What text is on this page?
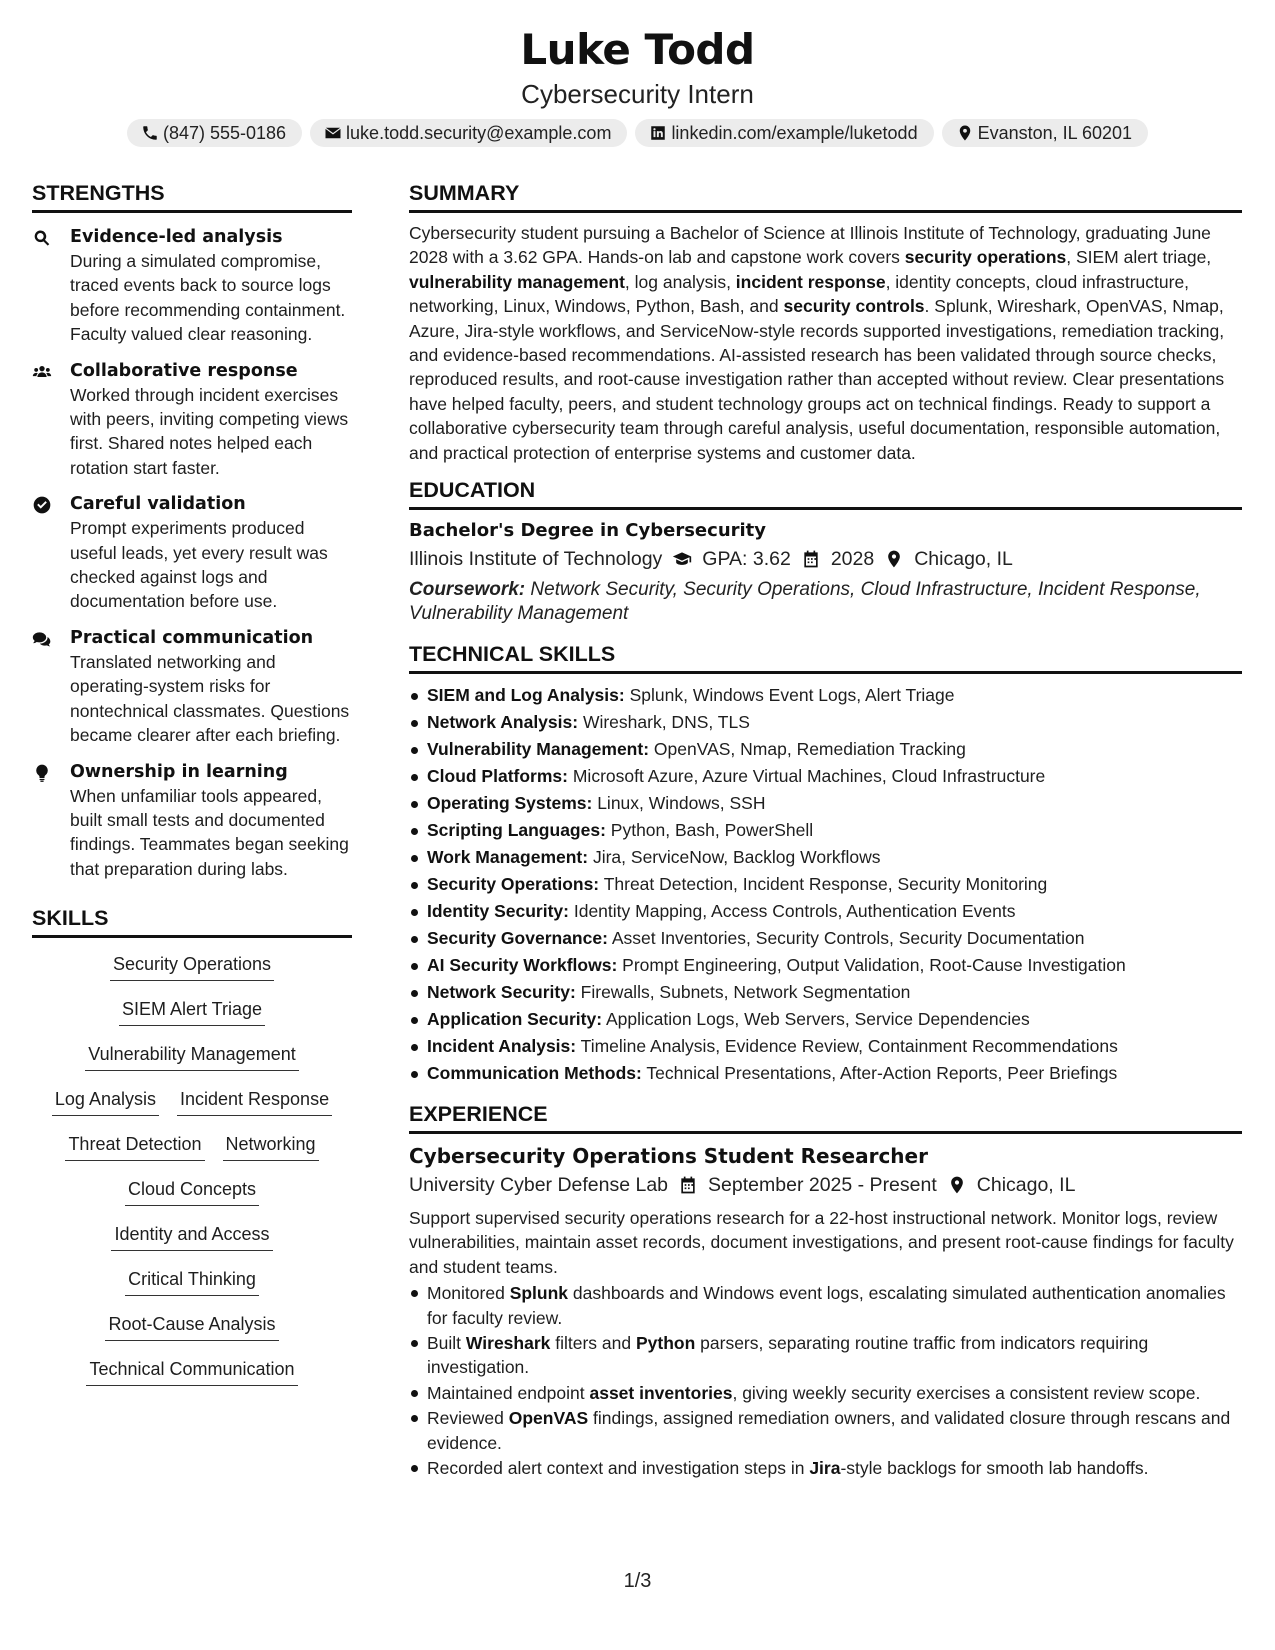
Luke Todd
Cybersecurity Intern
(847) 555-0186	luke.todd.security@example.com	linkedin.com/example/luketodd	Evanston, IL 60201
STRENGTHS
Evidence-led analysis
During a simulated compromise, traced events back to source logs before recommending containment. Faculty valued clear reasoning.
Collaborative response
Worked through incident exercises with peers, inviting competing views first. Shared notes helped each rotation start faster.
Careful validation
Prompt experiments produced useful leads, yet every result was checked against logs and documentation before use.
Practical communication
Translated networking and operating-system risks for nontechnical classmates. Questions became clearer after each briefing.
Ownership in learning
When unfamiliar tools appeared, built small tests and documented findings. Teammates began seeking that preparation during labs.
SKILLS
Security Operations
SIEM Alert Triage
Vulnerability Management
Log Analysis Incident Response
Threat Detection Networking
Cloud Concepts
Identity and Access
Critical Thinking
Root-Cause Analysis
Technical Communication
SUMMARY
Cybersecurity student pursuing a Bachelor of Science at Illinois Institute of Technology, graduating June 2028 with a 3.62 GPA. Hands-on lab and capstone work covers security operations, SIEM alert triage, vulnerability management, log analysis, incident response, identity concepts, cloud infrastructure, networking, Linux, Windows, Python, Bash, and security controls. Splunk, Wireshark, OpenVAS, Nmap, Azure, Jira-style workflows, and ServiceNow-style records supported investigations, remediation tracking, and evidence-based recommendations. AI-assisted research has been validated through source checks, reproduced results, and root-cause investigation rather than accepted without review. Clear presentations have helped faculty, peers, and student technology groups act on technical findings. Ready to support a collaborative cybersecurity team through careful analysis, useful documentation, responsible automation, and practical protection of enterprise systems and customer data.
EDUCATION
Bachelor's Degree in Cybersecurity
Illinois Institute of Technology GPA: 3.62 2028 Chicago, IL
Coursework: Network Security, Security Operations, Cloud Infrastructure, Incident Response, Vulnerability Management
TECHNICAL SKILLS
SIEM and Log Analysis: Splunk, Windows Event Logs, Alert Triage
Network Analysis: Wireshark, DNS, TLS
Vulnerability Management: OpenVAS, Nmap, Remediation Tracking
Cloud Platforms: Microsoft Azure, Azure Virtual Machines, Cloud Infrastructure
Operating Systems: Linux, Windows, SSH
Scripting Languages: Python, Bash, PowerShell
Work Management: Jira, ServiceNow, Backlog Workflows
Security Operations: Threat Detection, Incident Response, Security Monitoring
Identity Security: Identity Mapping, Access Controls, Authentication Events
Security Governance: Asset Inventories, Security Controls, Security Documentation
AI Security Workflows: Prompt Engineering, Output Validation, Root-Cause Investigation
Network Security: Firewalls, Subnets, Network Segmentation
Application Security: Application Logs, Web Servers, Service Dependencies
Incident Analysis: Timeline Analysis, Evidence Review, Containment Recommendations
Communication Methods: Technical Presentations, After-Action Reports, Peer Briefings
EXPERIENCE
Cybersecurity Operations Student Researcher
University Cyber Defense Lab September 2025 - Present Chicago, IL
Support supervised security operations research for a 22-host instructional network. Monitor logs, review vulnerabilities, maintain asset records, document investigations, and present root-cause findings for faculty and student teams.
Monitored Splunk dashboards and Windows event logs, escalating simulated authentication anomalies for faculty review.
Built Wireshark filters and Python parsers, separating routine traffic from indicators requiring investigation.
Maintained endpoint asset inventories, giving weekly security exercises a consistent review scope.
Reviewed OpenVAS findings, assigned remediation owners, and validated closure through rescans and evidence.
Recorded alert context and investigation steps in Jira-style backlogs for smooth lab handoffs.
1/3
